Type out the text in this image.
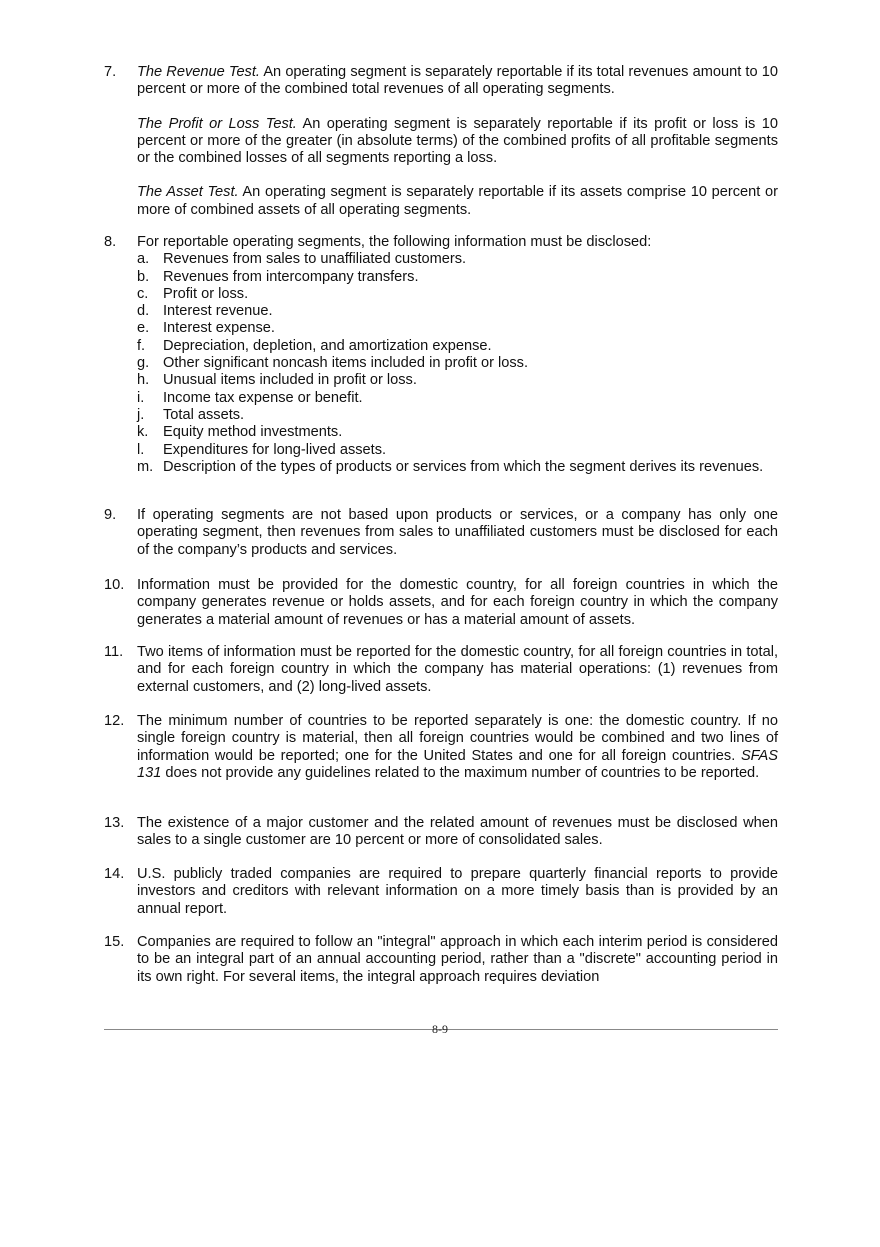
7.	The Revenue Test. An operating segment is separately reportable if its total revenues amount to 10 percent or more of the combined total revenues of all operating segments.
The Profit or Loss Test. An operating segment is separately reportable if its profit or loss is 10 percent or more of the greater (in absolute terms) of the combined profits of all profitable segments or the combined losses of all segments reporting a loss.
The Asset Test. An operating segment is separately reportable if its assets comprise 10 percent or more of combined assets of all operating segments.
8.	For reportable operating segments, the following information must be disclosed:
a. Revenues from sales to unaffiliated customers.
b. Revenues from intercompany transfers.
c.	Profit or loss.
d. Interest revenue.
e. Interest expense.
f.	Depreciation, depletion, and amortization expense.
g. Other significant noncash items included in profit or loss.
h. Unusual items included in profit or loss.
i.	Income tax expense or benefit.
j.	Total assets.
k.	Equity method investments.
l.	Expenditures for long-lived assets.
m. Description of the types of products or services from which the segment derives its revenues.
9.	If operating segments are not based upon products or services, or a company has only one operating segment, then revenues from sales to unaffiliated customers must be disclosed for each of the company’s products and services.
10. Information must be provided for the domestic country, for all foreign countries in which the company generates revenue or holds assets, and for each foreign country in which the company generates a material amount of revenues or has a material amount of assets.
11. Two items of information must be reported for the domestic country, for all foreign countries in total, and for each foreign country in which the company has material operations: (1) revenues from external customers, and (2) long-lived assets.
12. The minimum number of countries to be reported separately is one: the domestic country. If no single foreign country is material, then all foreign countries would be combined and two lines of information would be reported; one for the United States and one for all foreign countries. SFAS 131 does not provide any guidelines related to the maximum number of countries to be reported.
13. The existence of a major customer and the related amount of revenues must be disclosed when sales to a single customer are 10 percent or more of consolidated sales.
14. U.S. publicly traded companies are required to prepare quarterly financial reports to provide investors and creditors with relevant information on a more timely basis than is provided by an annual report.
15. Companies are required to follow an "integral" approach in which each interim period is considered to be an integral part of an annual accounting period, rather than a "discrete" accounting period in its own right. For several items, the integral approach requires deviation
8-9
